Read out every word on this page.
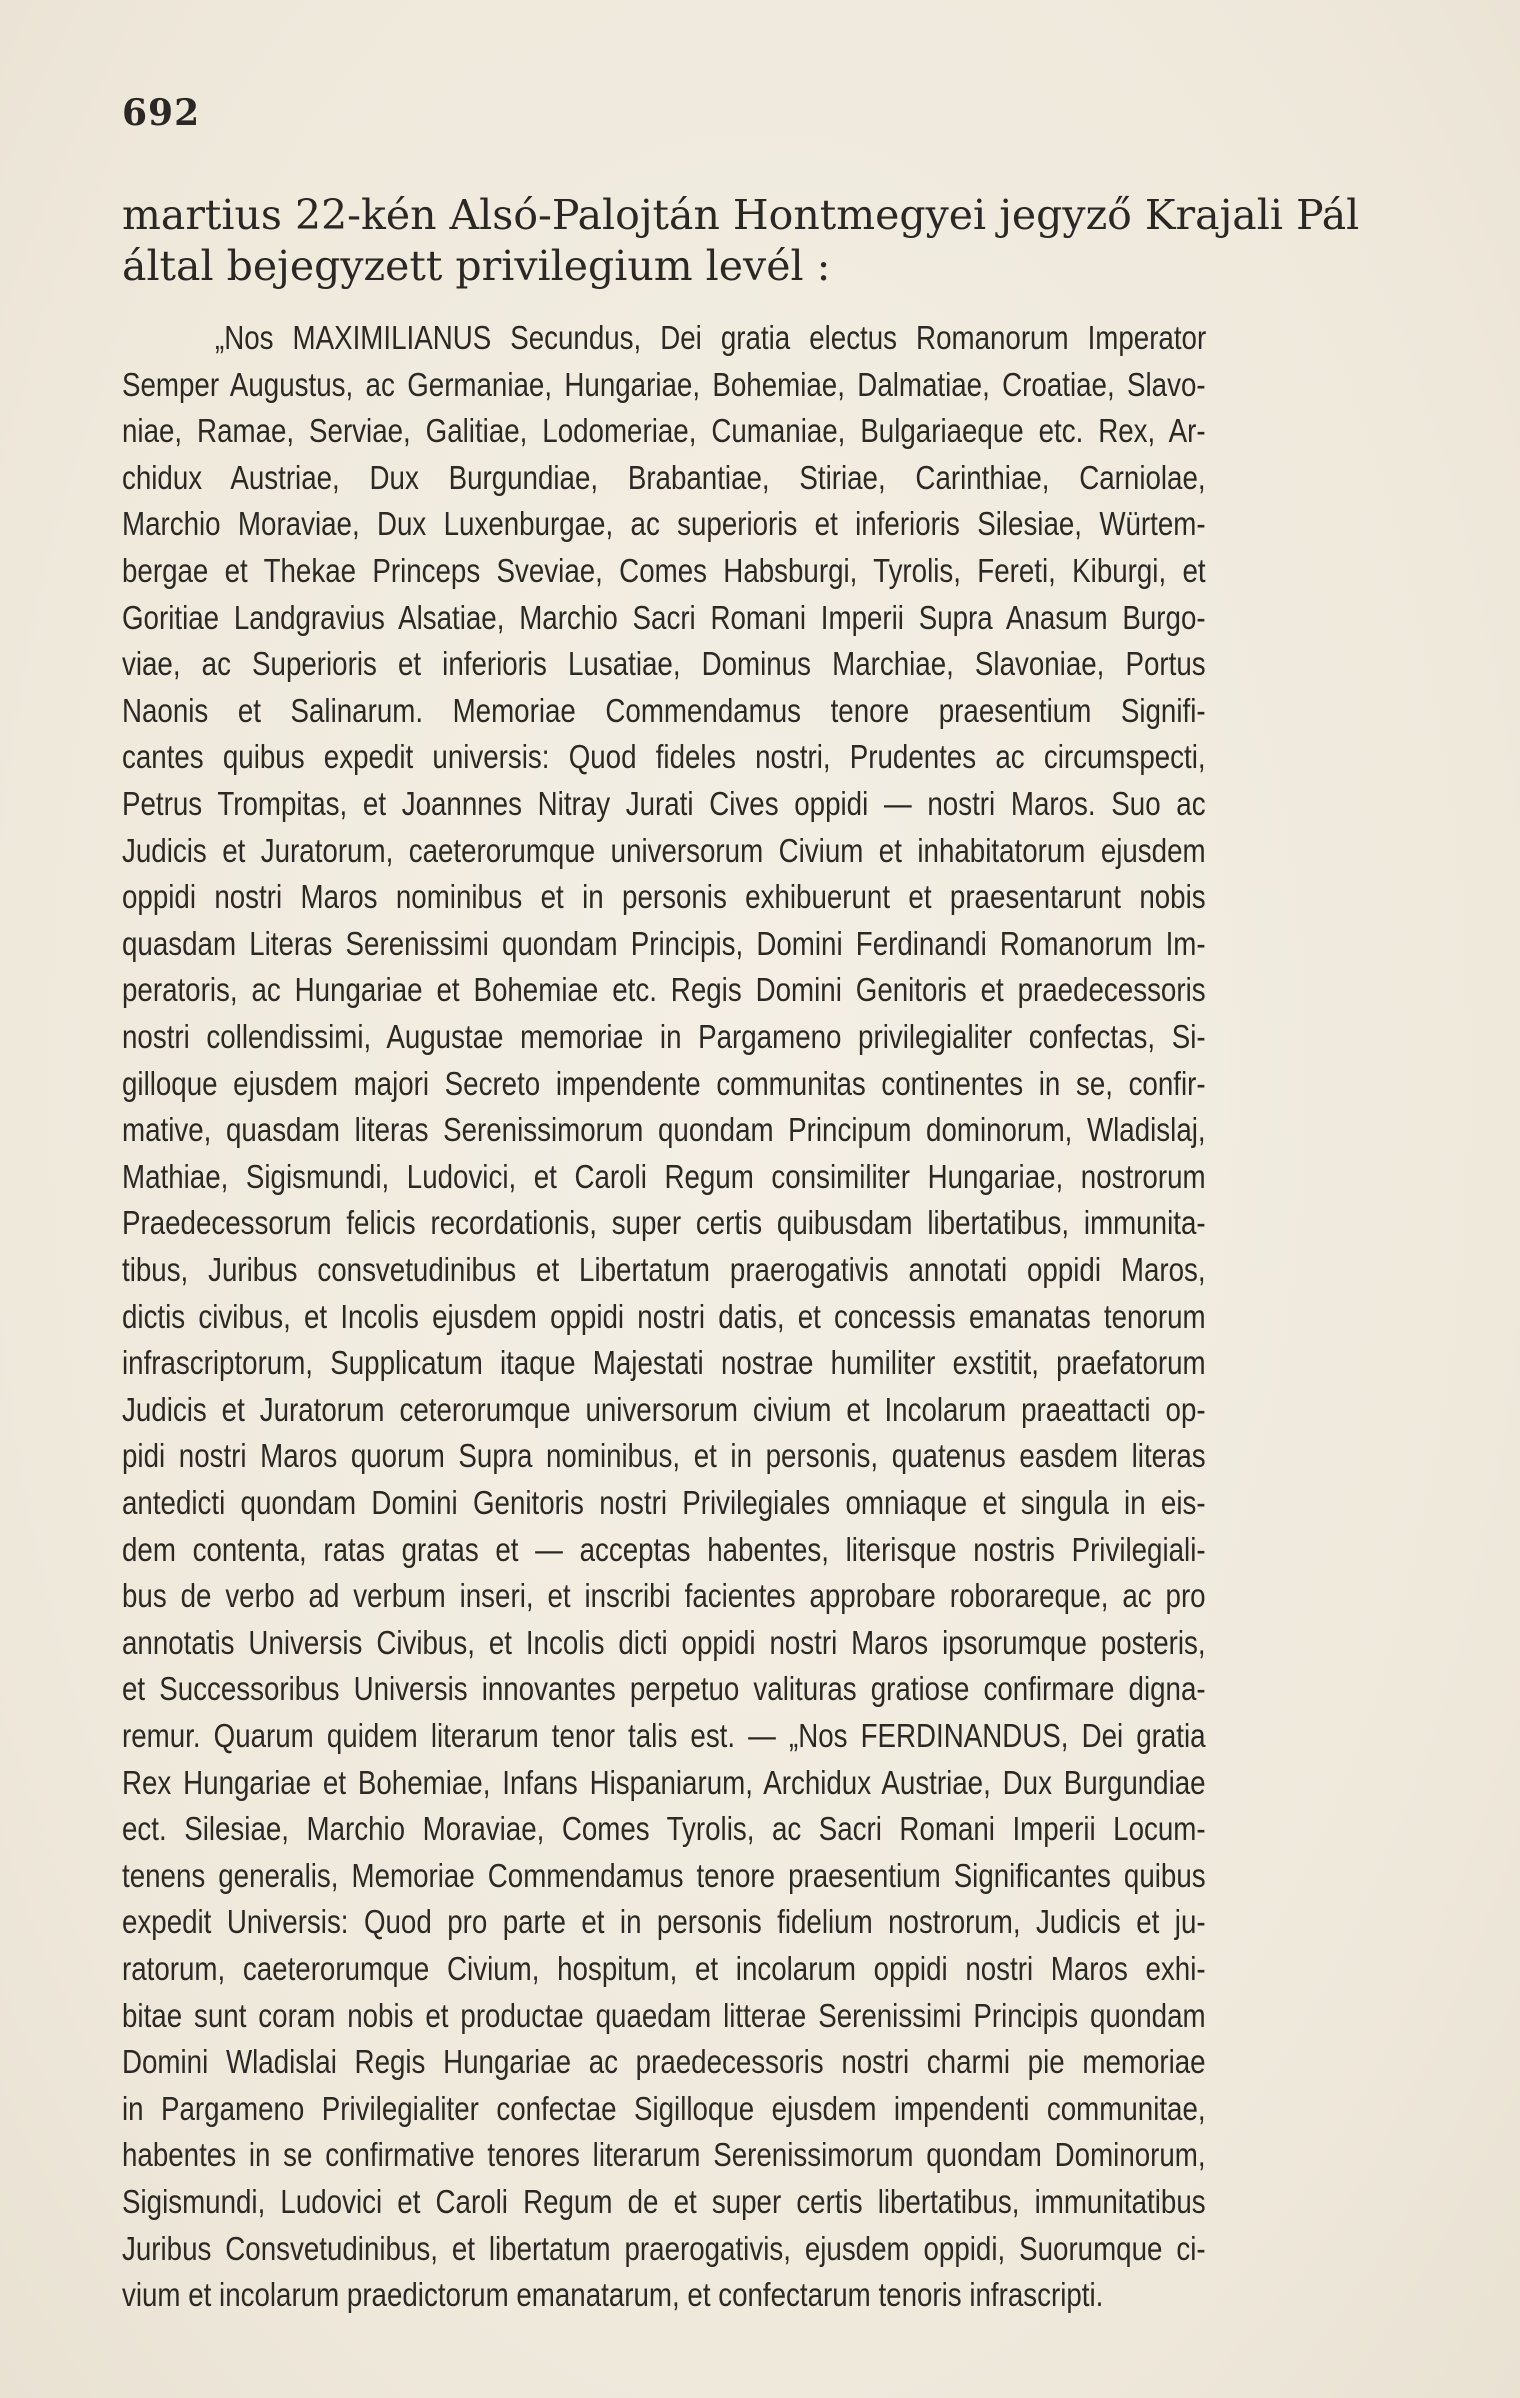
692
martius 22-kén Alsó-Palojtán Hontmegyei jegyző Krajali Pál
által bejegyzett privilegium levél :
„Nos MAXIMILIANUS Secundus, Dei gratia electus Romanorum Imperator
Semper Augustus, ac Germaniae, Hungariae, Bohemiae, Dalmatiae, Croatiae, Slavo-
niae, Ramae, Serviae, Galitiae, Lodomeriae, Cumaniae, Bulgariaeque etc. Rex, Ar-
chidux Austriae, Dux Burgundiae, Brabantiae, Stiriae, Carinthiae, Carniolae,
Marchio Moraviae, Dux Luxenburgae, ac superioris et inferioris Silesiae, Würtem-
bergae et Thekae Princeps Sveviae, Comes Habsburgi, Tyrolis, Fereti, Kiburgi, et
Goritiae Landgravius Alsatiae, Marchio Sacri Romani Imperii Supra Anasum Burgo-
viae, ac Superioris et inferioris Lusatiae, Dominus Marchiae, Slavoniae, Portus
Naonis et Salinarum. Memoriae Commendamus tenore praesentium Signifi-
cantes quibus expedit universis: Quod fideles nostri, Prudentes ac circumspecti,
Petrus Trompitas, et Joannnes Nitray Jurati Cives oppidi — nostri Maros. Suo ac
Judicis et Juratorum, caeterorumque universorum Civium et inhabitatorum ejusdem
oppidi nostri Maros nominibus et in personis exhibuerunt et praesentarunt nobis
quasdam Literas Serenissimi quondam Principis, Domini Ferdinandi Romanorum Im-
peratoris, ac Hungariae et Bohemiae etc. Regis Domini Genitoris et praedecessoris
nostri collendissimi, Augustae memoriae in Pargameno privilegialiter confectas, Si-
gilloque ejusdem majori Secreto impendente communitas continentes in se, confir-
mative, quasdam literas Serenissimorum quondam Principum dominorum, Wladislaj,
Mathiae, Sigismundi, Ludovici, et Caroli Regum consimiliter Hungariae, nostrorum
Praedecessorum felicis recordationis, super certis quibusdam libertatibus, immunita-
tibus, Juribus consvetudinibus et Libertatum praerogativis annotati oppidi Maros,
dictis civibus, et Incolis ejusdem oppidi nostri datis, et concessis emanatas tenorum
infrascriptorum, Supplicatum itaque Majestati nostrae humiliter exstitit, praefatorum
Judicis et Juratorum ceterorumque universorum civium et Incolarum praeattacti op-
pidi nostri Maros quorum Supra nominibus, et in personis, quatenus easdem literas
antedicti quondam Domini Genitoris nostri Privilegiales omniaque et singula in eis-
dem contenta, ratas gratas et — acceptas habentes, literisque nostris Privilegiali-
bus de verbo ad verbum inseri, et inscribi facientes approbare roborareque, ac pro
annotatis Universis Civibus, et Incolis dicti oppidi nostri Maros ipsorumque posteris,
et Successoribus Universis innovantes perpetuo valituras gratiose confirmare digna-
remur. Quarum quidem literarum tenor talis est. — „Nos FERDINANDUS, Dei gratia
Rex Hungariae et Bohemiae, Infans Hispaniarum, Archidux Austriae, Dux Burgundiae
ect. Silesiae, Marchio Moraviae, Comes Tyrolis, ac Sacri Romani Imperii Locum-
tenens generalis, Memoriae Commendamus tenore praesentium Significantes quibus
expedit Universis: Quod pro parte et in personis fidelium nostrorum, Judicis et ju-
ratorum, caeterorumque Civium, hospitum, et incolarum oppidi nostri Maros exhi-
bitae sunt coram nobis et productae quaedam litterae Serenissimi Principis quondam
Domini Wladislai Regis Hungariae ac praedecessoris nostri charmi pie memoriae
in Pargameno Privilegialiter confectae Sigilloque ejusdem impendenti communitae,
habentes in se confirmative tenores literarum Serenissimorum quondam Dominorum,
Sigismundi, Ludovici et Caroli Regum de et super certis libertatibus, immunitatibus
Juribus Consvetudinibus, et libertatum praerogativis, ejusdem oppidi, Suorumque ci-
vium et incolarum praedictorum emanatarum, et confectarum tenoris infrascripti.
